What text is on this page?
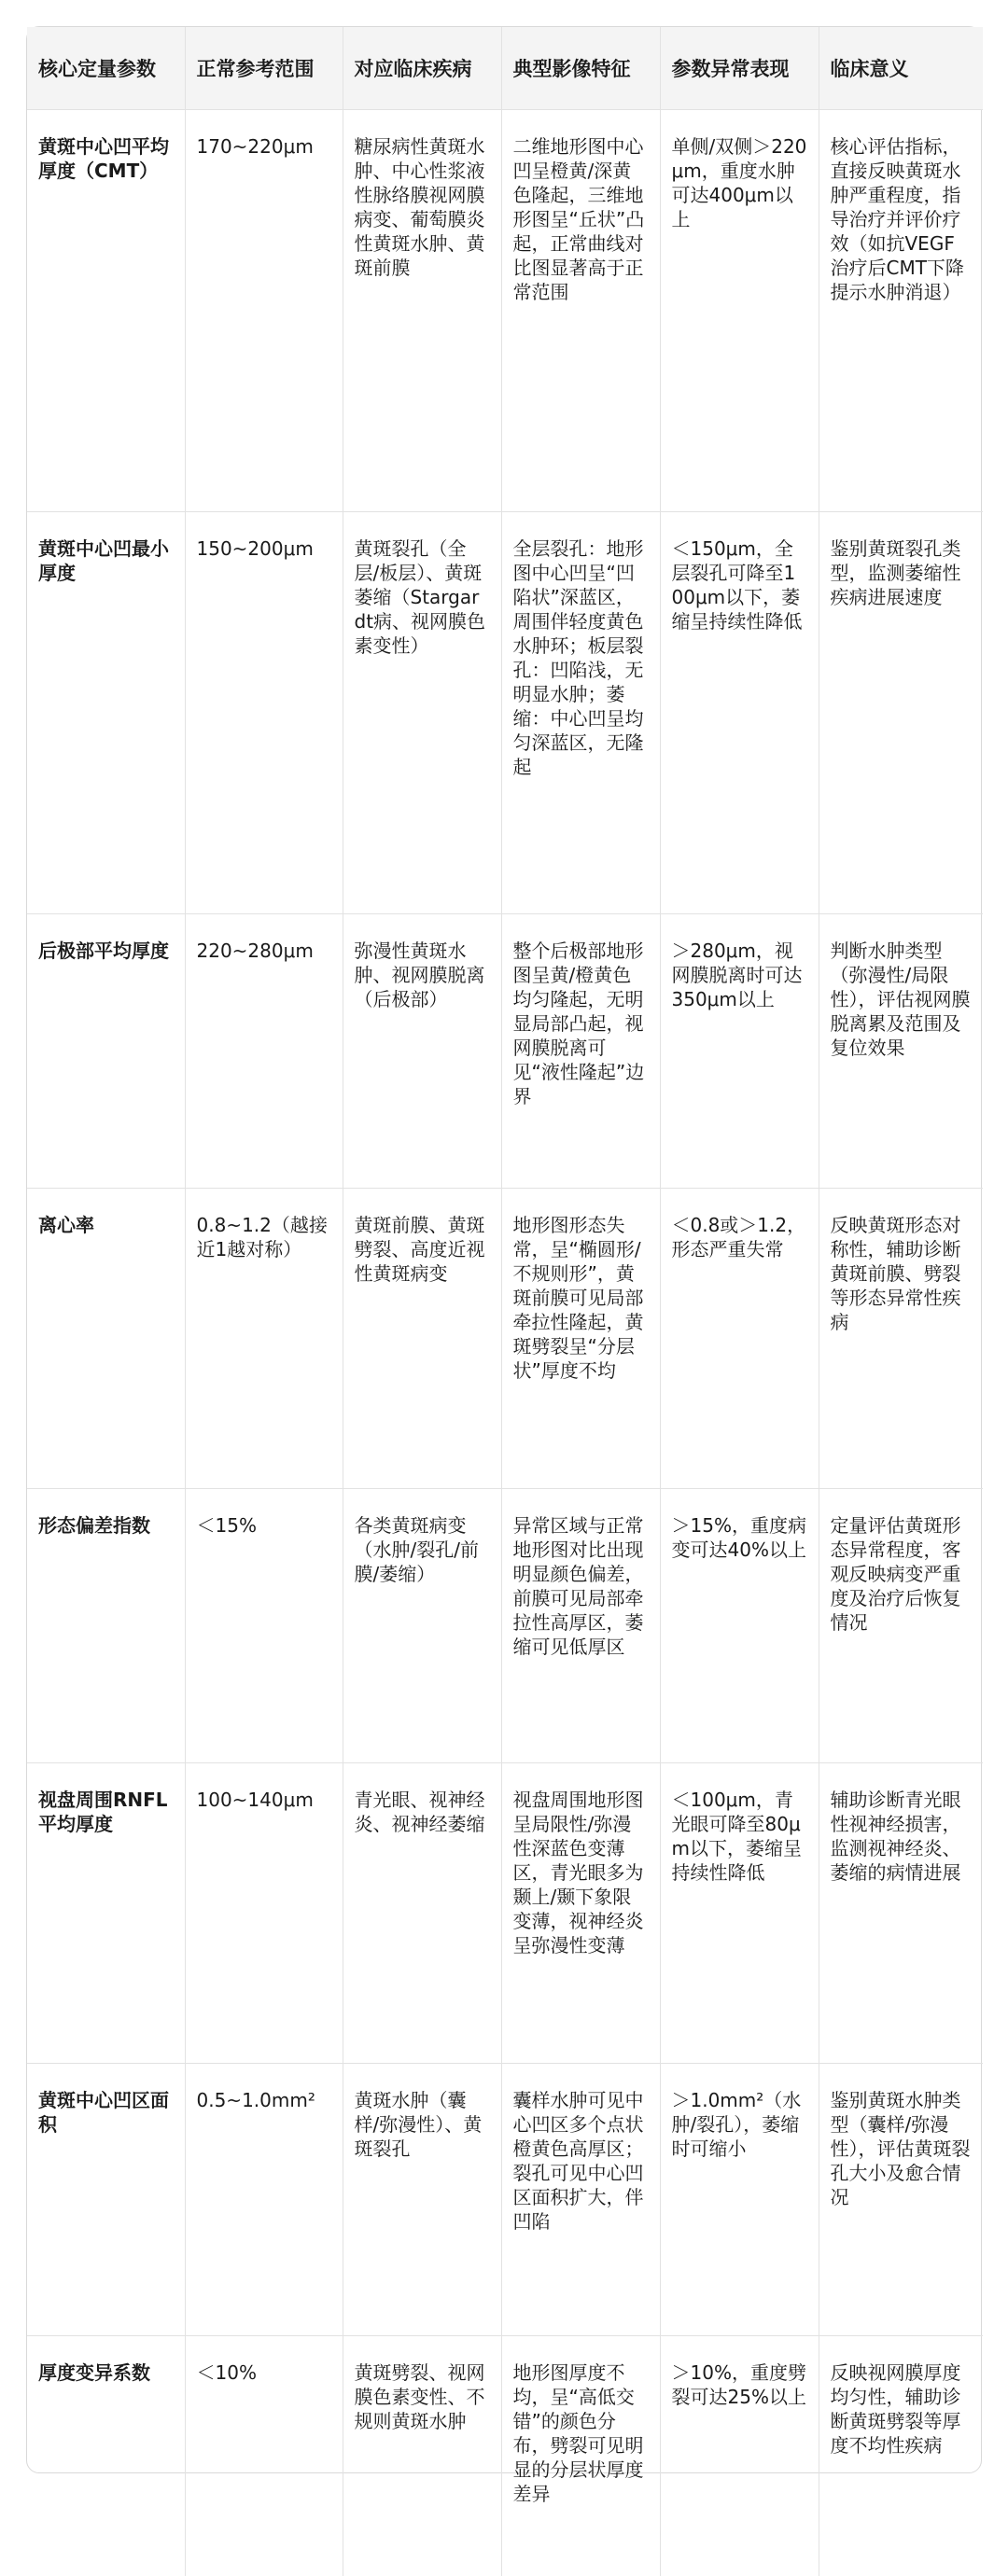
核心定量参数	正常参考范围	对应临床疾病	典型影像特征	参数异常表现	临床意义
黄斑中心凹平均厚度（CMT）	170~220μm	糖尿病性黄斑水肿、中心性浆液性脉络膜视网膜病变、葡萄膜炎性黄斑水肿、黄斑前膜	二维地形图中心凹呈橙黄/深黄色隆起，三维地形图呈“丘状”凸起，正常曲线对比图显著高于正常范围	单侧/双侧＞220μm，重度水肿可达400μm以上	核心评估指标，直接反映黄斑水肿严重程度，指导治疗并评价疗效（如抗VEGF治疗后CMT下降提示水肿消退）
黄斑中心凹最小厚度	150~200μm	黄斑裂孔（全层/板层）、黄斑萎缩（Stargardt病、视网膜色素变性）	全层裂孔：地形图中心凹呈“凹陷状”深蓝区，周围伴轻度黄色水肿环；板层裂孔：凹陷浅，无明显水肿；萎缩：中心凹呈均匀深蓝区，无隆起	＜150μm，全层裂孔可降至100μm以下，萎缩呈持续性降低	鉴别黄斑裂孔类型，监测萎缩性疾病进展速度
后极部平均厚度	220~280μm	弥漫性黄斑水肿、视网膜脱离（后极部）	整个后极部地形图呈黄/橙黄色均匀隆起，无明显局部凸起，视网膜脱离可见“液性隆起”边界	＞280μm，视网膜脱离时可达350μm以上	判断水肿类型（弥漫性/局限性），评估视网膜脱离累及范围及复位效果
离心率	0.8~1.2（越接近1越对称）	黄斑前膜、黄斑劈裂、高度近视性黄斑病变	地形图形态失常，呈“椭圆形/不规则形”，黄斑前膜可见局部牵拉性隆起，黄斑劈裂呈“分层状”厚度不均	＜0.8或＞1.2，形态严重失常	反映黄斑形态对称性，辅助诊断黄斑前膜、劈裂等形态异常性疾病
形态偏差指数	＜15%	各类黄斑病变（水肿/裂孔/前膜/萎缩）	异常区域与正常地形图对比出现明显颜色偏差，前膜可见局部牵拉性高厚区，萎缩可见低厚区	＞15%，重度病变可达40%以上	定量评估黄斑形态异常程度，客观反映病变严重度及治疗后恢复情况
视盘周围RNFL平均厚度	100~140μm	青光眼、视神经炎、视神经萎缩	视盘周围地形图呈局限性/弥漫性深蓝色变薄区，青光眼多为颞上/颞下象限变薄，视神经炎呈弥漫性变薄	＜100μm，青光眼可降至80μm以下，萎缩呈持续性降低	辅助诊断青光眼性视神经损害，监测视神经炎、萎缩的病情进展
黄斑中心凹区面积	0.5~1.0mm²	黄斑水肿（囊样/弥漫性）、黄斑裂孔	囊样水肿可见中心凹区多个点状橙黄色高厚区；裂孔可见中心凹区面积扩大，伴凹陷	＞1.0mm²（水肿/裂孔），萎缩时可缩小	鉴别黄斑水肿类型（囊样/弥漫性），评估黄斑裂孔大小及愈合情况
厚度变异系数	＜10%	黄斑劈裂、视网膜色素变性、不规则黄斑水肿	地形图厚度不均，呈“高低交错”的颜色分布，劈裂可见明显的分层状厚度差异	＞10%，重度劈裂可达25%以上	反映视网膜厚度均匀性，辅助诊断黄斑劈裂等厚度不均性疾病
